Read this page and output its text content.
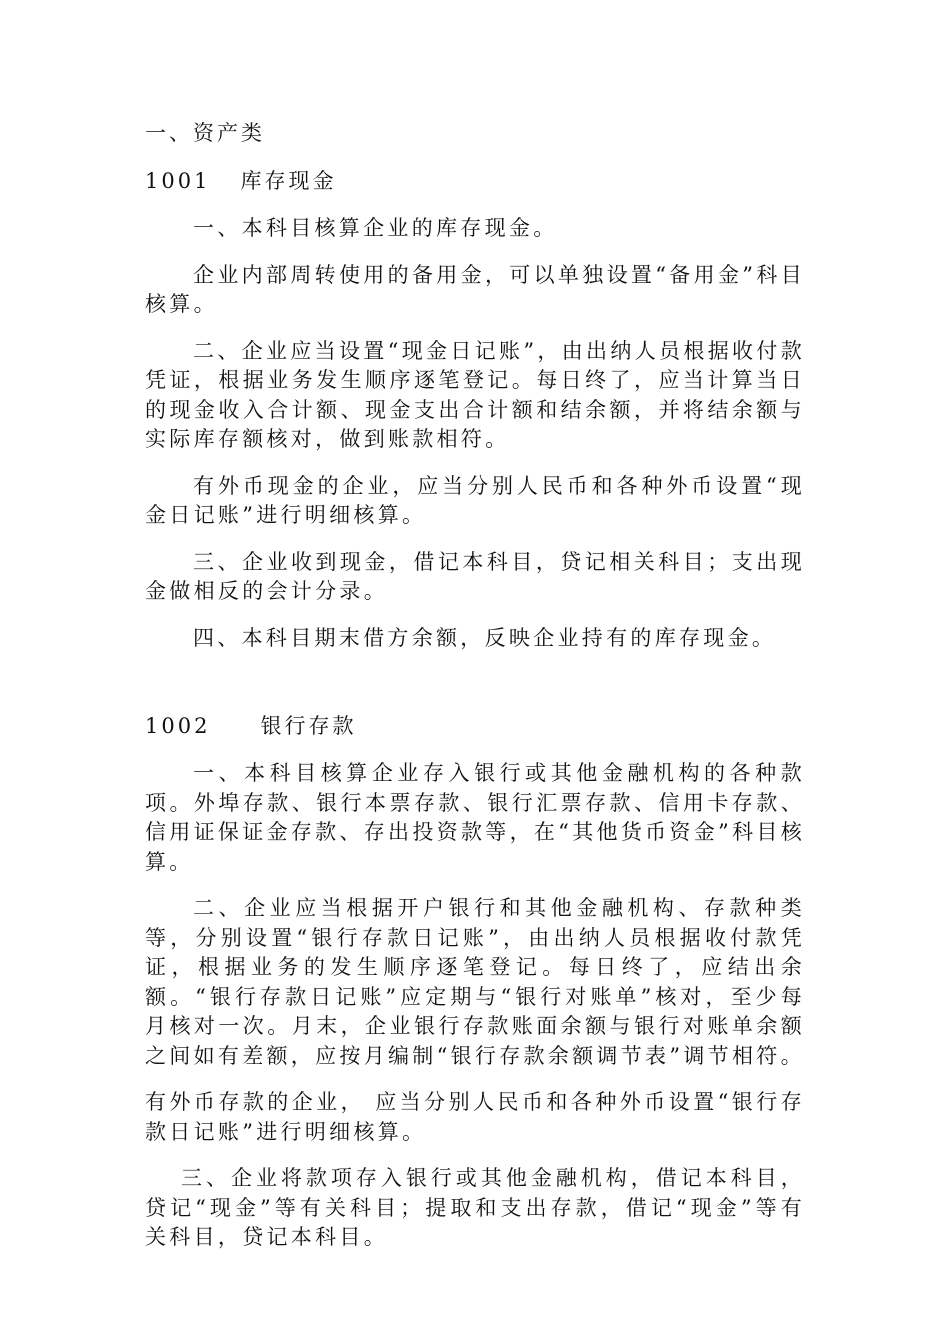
一、资产类

1001 库存现金

一、本科目核算企业的库存现金。

企业内部周转使用的备用金，可以单独设置“备用金”科目核算。

二、企业应当设置“现金日记账”，由出纳人员根据收付款凭证，根据业务发生顺序逐笔登记。每日终了，应当计算当日的现金收入合计额、现金支出合计额和结余额，并将结余额与实际库存额核对，做到账款相符。

有外币现金的企业，应当分别人民币和各种外币设置“现金日记账”进行明细核算。

三、企业收到现金，借记本科目，贷记相关科目；支出现金做相反的会计分录。

四、本科目期末借方余额，反映企业持有的库存现金。

1002 银行存款

一、本科目核算企业存入银行或其他金融机构的各种款项。外埠存款、银行本票存款、银行汇票存款、信用卡存款、信用证保证金存款、存出投资款等，在“其他货币资金”科目核算。

二、企业应当根据开户银行和其他金融机构、存款种类等，分别设置“银行存款日记账”，由出纳人员根据收付款凭证，根据业务的发生顺序逐笔登记。每日终了，应结出余额。“银行存款日记账”应定期与“银行对账单”核对，至少每月核对一次。月末，企业银行存款账面余额与银行对账单余额之间如有差额，应按月编制“银行存款余额调节表”调节相符。

有外币存款的企业， 应当分别人民币和各种外币设置“银行存款日记账”进行明细核算。

三、企业将款项存入银行或其他金融机构，借记本科目，贷记“现金”等有关科目；提取和支出存款，借记“现金”等有关科目，贷记本科目。
